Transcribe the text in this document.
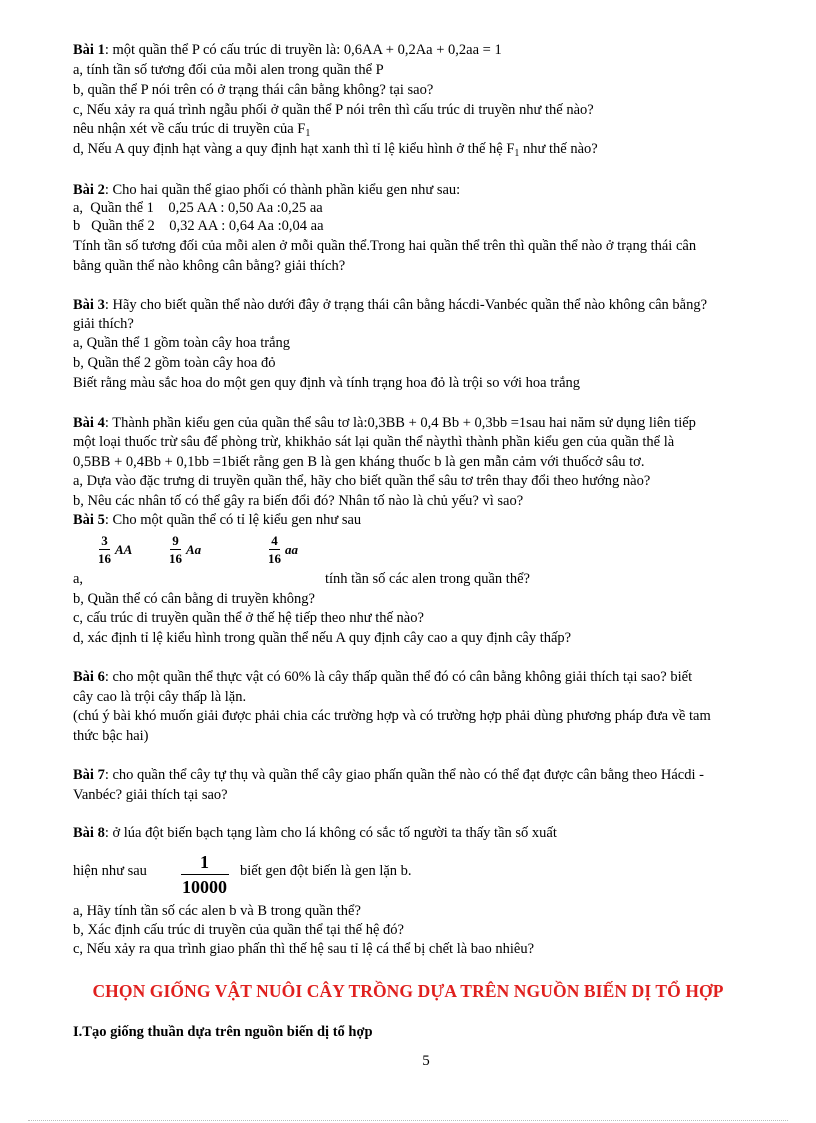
Bài 1: một quần thể P có cấu trúc di truyền là: 0,6AA + 0,2Aa + 0,2aa = 1
a, tính tần số tương đối của mỗi alen trong quần thể P
b, quần thể P nói trên có ở trạng thái cân bằng không? tại sao?
c, Nếu xảy ra quá trình ngẫu phối ở quần thể P nói trên thì cấu trúc di truyền như thế nào?
nêu nhận xét về cấu trúc di truyền của $F_1$
d, Nếu A quy định hạt vàng a quy định hạt xanh thì tỉ lệ kiểu hình ở thế hệ $F_1$ như thế nào?
Bài 2: Cho hai quần thể giao phối có thành phần kiểu gen như sau:
a,  Quần thể 1    0,25 AA : 0,50 Aa :0,25 aa
b   Quần thể 2    0,32 AA : 0,64 Aa :0,04 aa
Tính tần số tương đối của mỗi alen ở mỗi quần thể.Trong hai quần thể trên thì quần thể nào ở trạng thái cân
bằng quần thể nào không cân bằng? giải thích?
Bài 3: Hãy cho biết quần thể nào dưới đây ở trạng thái cân bằng hácdi-Vanbéc quần thể nào không cân bằng?
giải thích?
a, Quần thể 1 gồm toàn cây hoa trắng
b, Quần thể 2 gồm toàn cây hoa đỏ
Biết rằng màu sắc hoa do một gen quy định và tính trạng hoa đỏ là trội so với hoa trắng
Bài 4: Thành phần kiểu gen của quần thể sâu tơ là:0,3BB + 0,4 Bb + 0,3bb =1sau hai năm sử dụng liên tiếp
một loại thuốc trừ sâu để phòng trừ, khikhảo sát lại quần thể nàythì thành phần kiểu gen của quần thể là
0,5BB + 0,4Bb + 0,1bb =1biết rằng gen B là gen kháng thuốc b là gen mẫn cảm với thuốcở sâu tơ.
a, Dựa vào đặc trưng di truyền quần thể, hãy cho biết quần thể sâu tơ trên thay đổi theo hướng nào?
b, Nêu các nhân tố có thể gây ra biến đổi đó? Nhân tố nào là chủ yếu? vì sao?
Bài 5: Cho một quần thể có tỉ lệ kiểu gen như sau
$\frac{3}{16}$ AA	$\frac{9}{16}$ Aa	$\frac{4}{16}$ aa
a,	tính tần số các alen trong quần thể?
b, Quần thể có cân bằng di truyền không?
c, cấu trúc di truyền quần thể ở thế hệ tiếp theo như thế nào?
d, xác định tỉ lệ kiểu hình trong quần thể nếu A quy định cây cao a quy định cây thấp?
Bài 6: cho một quần thể thực vật có 60% là cây thấp quần thể đó có cân bằng không giải thích tại sao? biết
cây cao là trội cây thấp là lặn.
(chú ý bài khó muốn giải được phải chia các trường hợp và có trường hợp phải dùng phương pháp đưa về tam
thức bậc hai)
Bài 7: cho quần thể cây tự thụ và quần thể cây giao phấn quần thể nào có thể đạt được cân bằng theo Hácdi -
Vanbéc? giải thích tại sao?
Bài 8: ở lúa đột biến bạch tạng làm cho lá không có sắc tố người ta thấy tần số xuất
hiện như sau $\frac{1}{10000}$ biết gen đột biến là gen lặn b.
a, Hãy tính tần số các alen b và B trong quần thể?
b, Xác định cấu trúc di truyền của quần thể tại thế hệ đó?
c, Nếu xảy ra qua trình giao phấn thì thế hệ sau tỉ lệ cá thể bị chết là bao nhiêu?
CHỌN GIỐNG VẬT NUÔI CÂY TRỒNG DỰA TRÊN NGUỒN BIẾN DỊ TỔ HỢP
I.Tạo giống thuần dựa trên nguồn biến dị tổ hợp
5
